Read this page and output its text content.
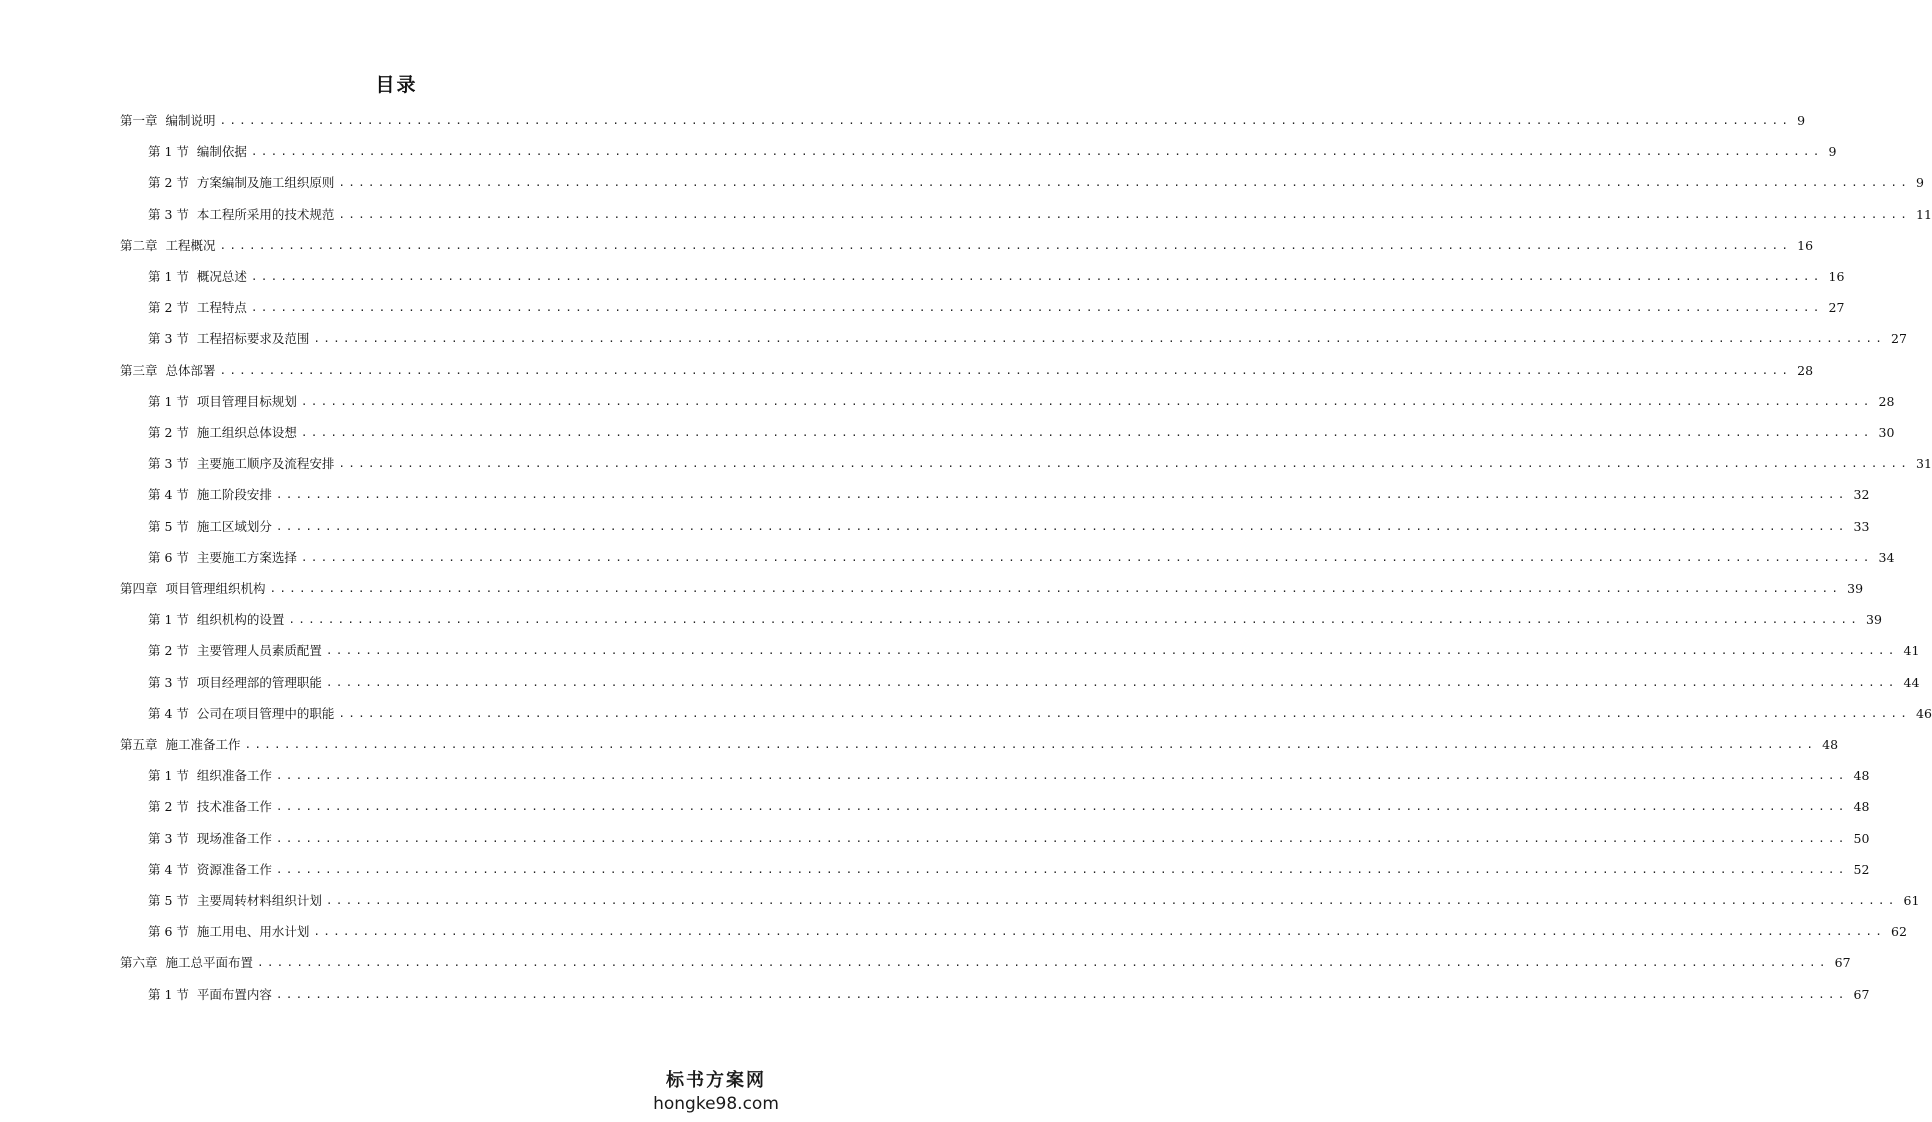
目录
第一章 编制说明 ................................................................................................................................................................ 9
第 1 节 编制依据 ................................................................................................................................................................ 9
第 2 节 方案编制及施工组织原则 ................................................................................................................................................................ 9
第 3 节 本工程所采用的技术规范 ................................................................................................................................................................ 11
第二章 工程概况 ................................................................................................................................................................ 16
第 1 节 概况总述 ................................................................................................................................................................ 16
第 2 节 工程特点 ................................................................................................................................................................ 27
第 3 节 工程招标要求及范围 ................................................................................................................................................................ 27
第三章 总体部署 ................................................................................................................................................................ 28
第 1 节 项目管理目标规划 ................................................................................................................................................................ 28
第 2 节 施工组织总体设想 ................................................................................................................................................................ 30
第 3 节 主要施工顺序及流程安排 ................................................................................................................................................................ 31
第 4 节 施工阶段安排 ................................................................................................................................................................ 32
第 5 节 施工区域划分 ................................................................................................................................................................ 33
第 6 节 主要施工方案选择 ................................................................................................................................................................ 34
第四章 项目管理组织机构 ................................................................................................................................................................ 39
第 1 节 组织机构的设置 ................................................................................................................................................................ 39
第 2 节 主要管理人员素质配置 ................................................................................................................................................................ 41
第 3 节 项目经理部的管理职能 ................................................................................................................................................................ 44
第 4 节 公司在项目管理中的职能 ................................................................................................................................................................ 46
第五章 施工准备工作 ................................................................................................................................................................ 48
第 1 节 组织准备工作 ................................................................................................................................................................ 48
第 2 节 技术准备工作 ................................................................................................................................................................ 48
第 3 节 现场准备工作 ................................................................................................................................................................ 50
第 4 节 资源准备工作 ................................................................................................................................................................ 52
第 5 节 主要周转材料组织计划 ................................................................................................................................................................ 61
第 6 节 施工用电、用水计划 ................................................................................................................................................................ 62
第六章 施工总平面布置 ................................................................................................................................................................ 67
第 1 节 平面布置内容 ................................................................................................................................................................ 67
标书方案网
hongke98.com
